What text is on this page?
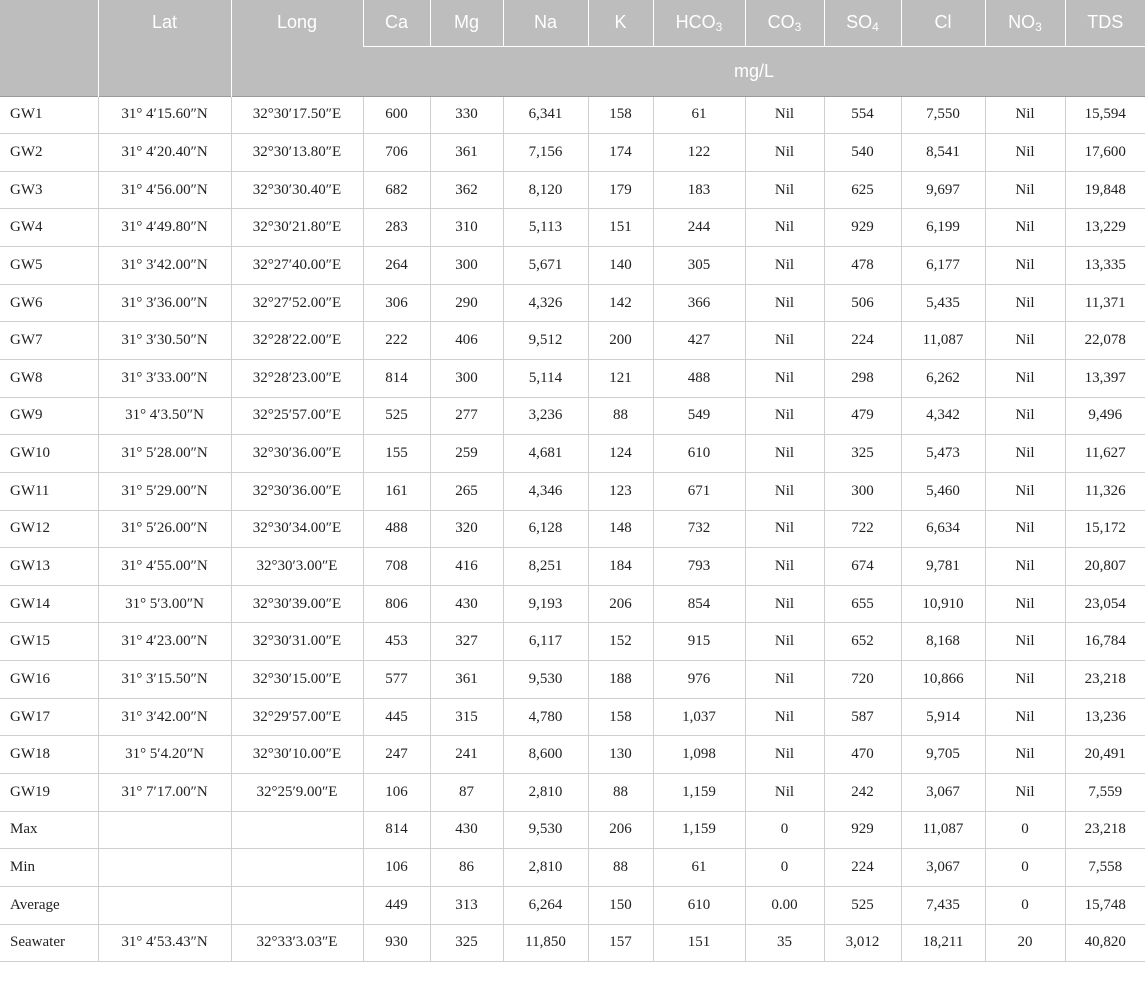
	Lat	Long	Ca	Mg	Na	K	$HCO_3$	$CO_3$	$SO_4$	Cl	$NO_3$	TDS
			mg/L									
GW1	31° 4′15.60″N	32°30′17.50″E	600	330	6,341	158	61	Nil	554	7,550	Nil	15,594
GW2	31° 4′20.40″N	32°30′13.80″E	706	361	7,156	174	122	Nil	540	8,541	Nil	17,600
GW3	31° 4′56.00″N	32°30′30.40″E	682	362	8,120	179	183	Nil	625	9,697	Nil	19,848
GW4	31° 4′49.80″N	32°30′21.80″E	283	310	5,113	151	244	Nil	929	6,199	Nil	13,229
GW5	31° 3′42.00″N	32°27′40.00″E	264	300	5,671	140	305	Nil	478	6,177	Nil	13,335
GW6	31° 3′36.00″N	32°27′52.00″E	306	290	4,326	142	366	Nil	506	5,435	Nil	11,371
GW7	31° 3′30.50″N	32°28′22.00″E	222	406	9,512	200	427	Nil	224	11,087	Nil	22,078
GW8	31° 3′33.00″N	32°28′23.00″E	814	300	5,114	121	488	Nil	298	6,262	Nil	13,397
GW9	31° 4′3.50″N	32°25′57.00″E	525	277	3,236	88	549	Nil	479	4,342	Nil	9,496
GW10	31° 5′28.00″N	32°30′36.00″E	155	259	4,681	124	610	Nil	325	5,473	Nil	11,627
GW11	31° 5′29.00″N	32°30′36.00″E	161	265	4,346	123	671	Nil	300	5,460	Nil	11,326
GW12	31° 5′26.00″N	32°30′34.00″E	488	320	6,128	148	732	Nil	722	6,634	Nil	15,172
GW13	31° 4′55.00″N	32°30′3.00″E	708	416	8,251	184	793	Nil	674	9,781	Nil	20,807
GW14	31° 5′3.00″N	32°30′39.00″E	806	430	9,193	206	854	Nil	655	10,910	Nil	23,054
GW15	31° 4′23.00″N	32°30′31.00″E	453	327	6,117	152	915	Nil	652	8,168	Nil	16,784
GW16	31° 3′15.50″N	32°30′15.00″E	577	361	9,530	188	976	Nil	720	10,866	Nil	23,218
GW17	31° 3′42.00″N	32°29′57.00″E	445	315	4,780	158	1,037	Nil	587	5,914	Nil	13,236
GW18	31° 5′4.20″N	32°30′10.00″E	247	241	8,600	130	1,098	Nil	470	9,705	Nil	20,491
GW19	31° 7′17.00″N	32°25′9.00″E	106	87	2,810	88	1,159	Nil	242	3,067	Nil	7,559
Max			814	430	9,530	206	1,159	0	929	11,087	0	23,218
Min			106	86	2,810	88	61	0	224	3,067	0	7,558
Average			449	313	6,264	150	610	0.00	525	7,435	0	15,748
Seawater	31° 4′53.43″N	32°33′3.03″E	930	325	11,850	157	151	35	3,012	18,211	20	40,820
